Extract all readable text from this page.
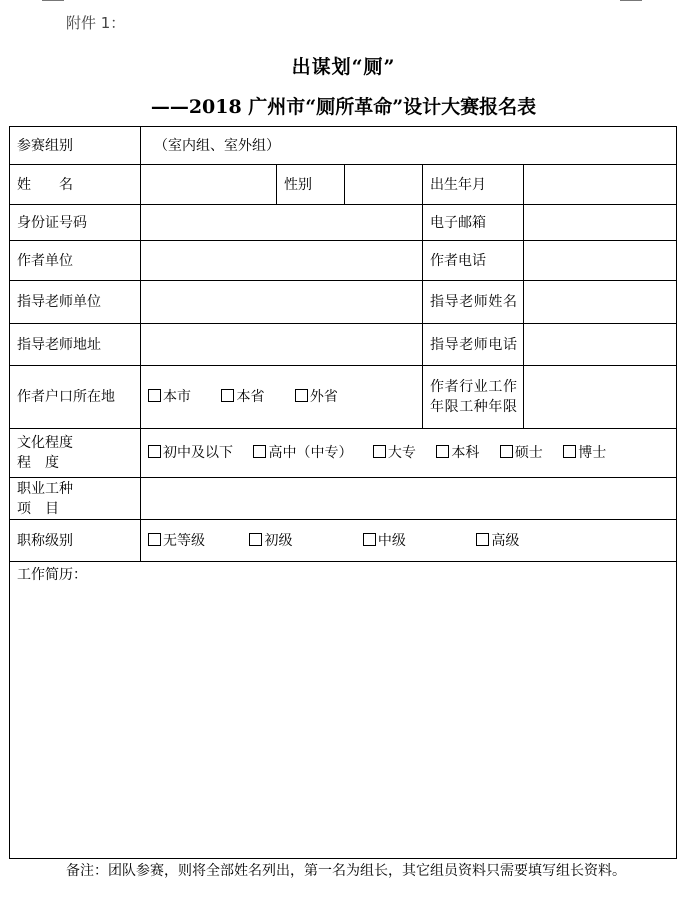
附件 1：
出谋划“厕”
——2018 广州市“厕所革命”设计大赛报名表
参赛组别	（室内组、室外组）				
姓　　名		性别		出生年月	
身份证号码				电子邮箱	
作者单位				作者电话	
指导老师单位				指导老师姓名	
指导老师地址				指导老师电话	
作者户口所在地	本市 本省 外省			作者行业工作年限工种年限	

文化程度
程　度	初中及以下 高中（中专） 大专 本科 硕士 博士				

职业工种
项　目					

职称级别	无等级 初级 中级 高级				
工作简历：					
备注：团队参赛，则将全部姓名列出，第一名为组长，其它组员资料只需要填写组长资料。
